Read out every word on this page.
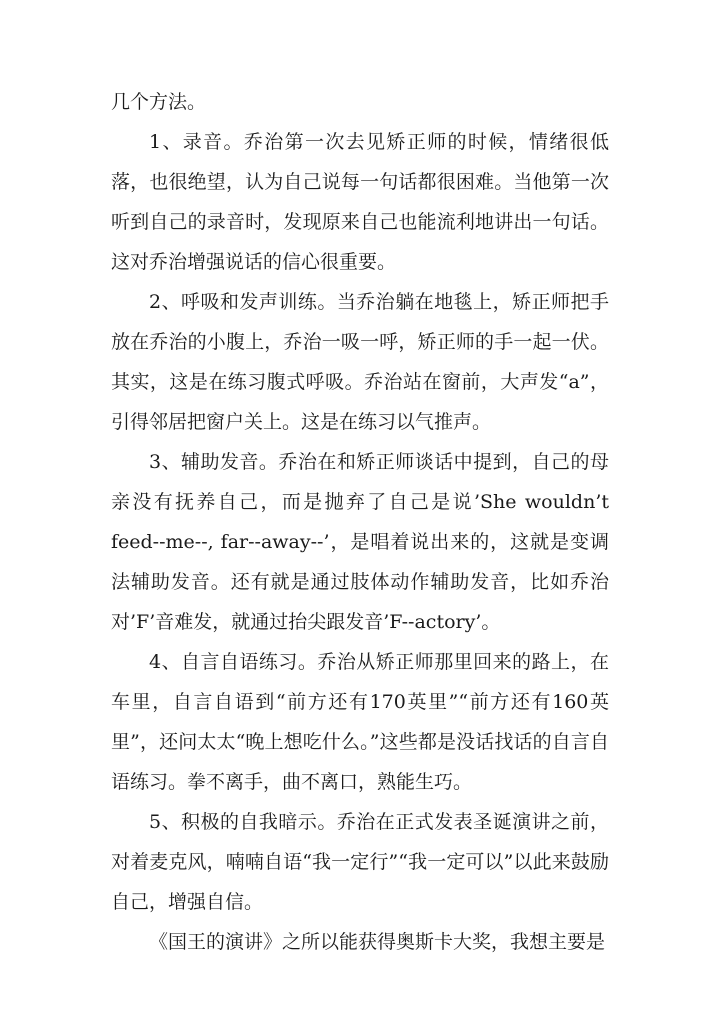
几个方法。

1、录音。乔治第一次去见矫正师的时候，情绪很低落，也很绝望，认为自己说每一句话都很困难。当他第一次听到自己的录音时，发现原来自己也能流利地讲出一句话。这对乔治增强说话的信心很重要。

2、呼吸和发声训练。当乔治躺在地毯上，矫正师把手放在乔治的小腹上，乔治一吸一呼，矫正师的手一起一伏。其实，这是在练习腹式呼吸。乔治站在窗前，大声发“a”，引得邻居把窗户关上。这是在练习以气推声。

3、辅助发音。乔治在和矫正师谈话中提到，自己的母亲没有抚养自己，而是抛弃了自己是说’She wouldn’t feed--me--, far--away--’，是唱着说出来的，这就是变调法辅助发音。还有就是通过肢体动作辅助发音，比如乔治对’F’音难发，就通过抬尖跟发音’F--actory’。

4、自言自语练习。乔治从矫正师那里回来的路上，在车里，自言自语到“前方还有170英里”“前方还有160英里”，还问太太“晚上想吃什么。”这些都是没话找话的自言自语练习。拳不离手，曲不离口，熟能生巧。

5、积极的自我暗示。乔治在正式发表圣诞演讲之前，对着麦克风，喃喃自语“我一定行”“我一定可以”以此来鼓励自己，增强自信。

《国王的演讲》之所以能获得奥斯卡大奖，我想主要是
